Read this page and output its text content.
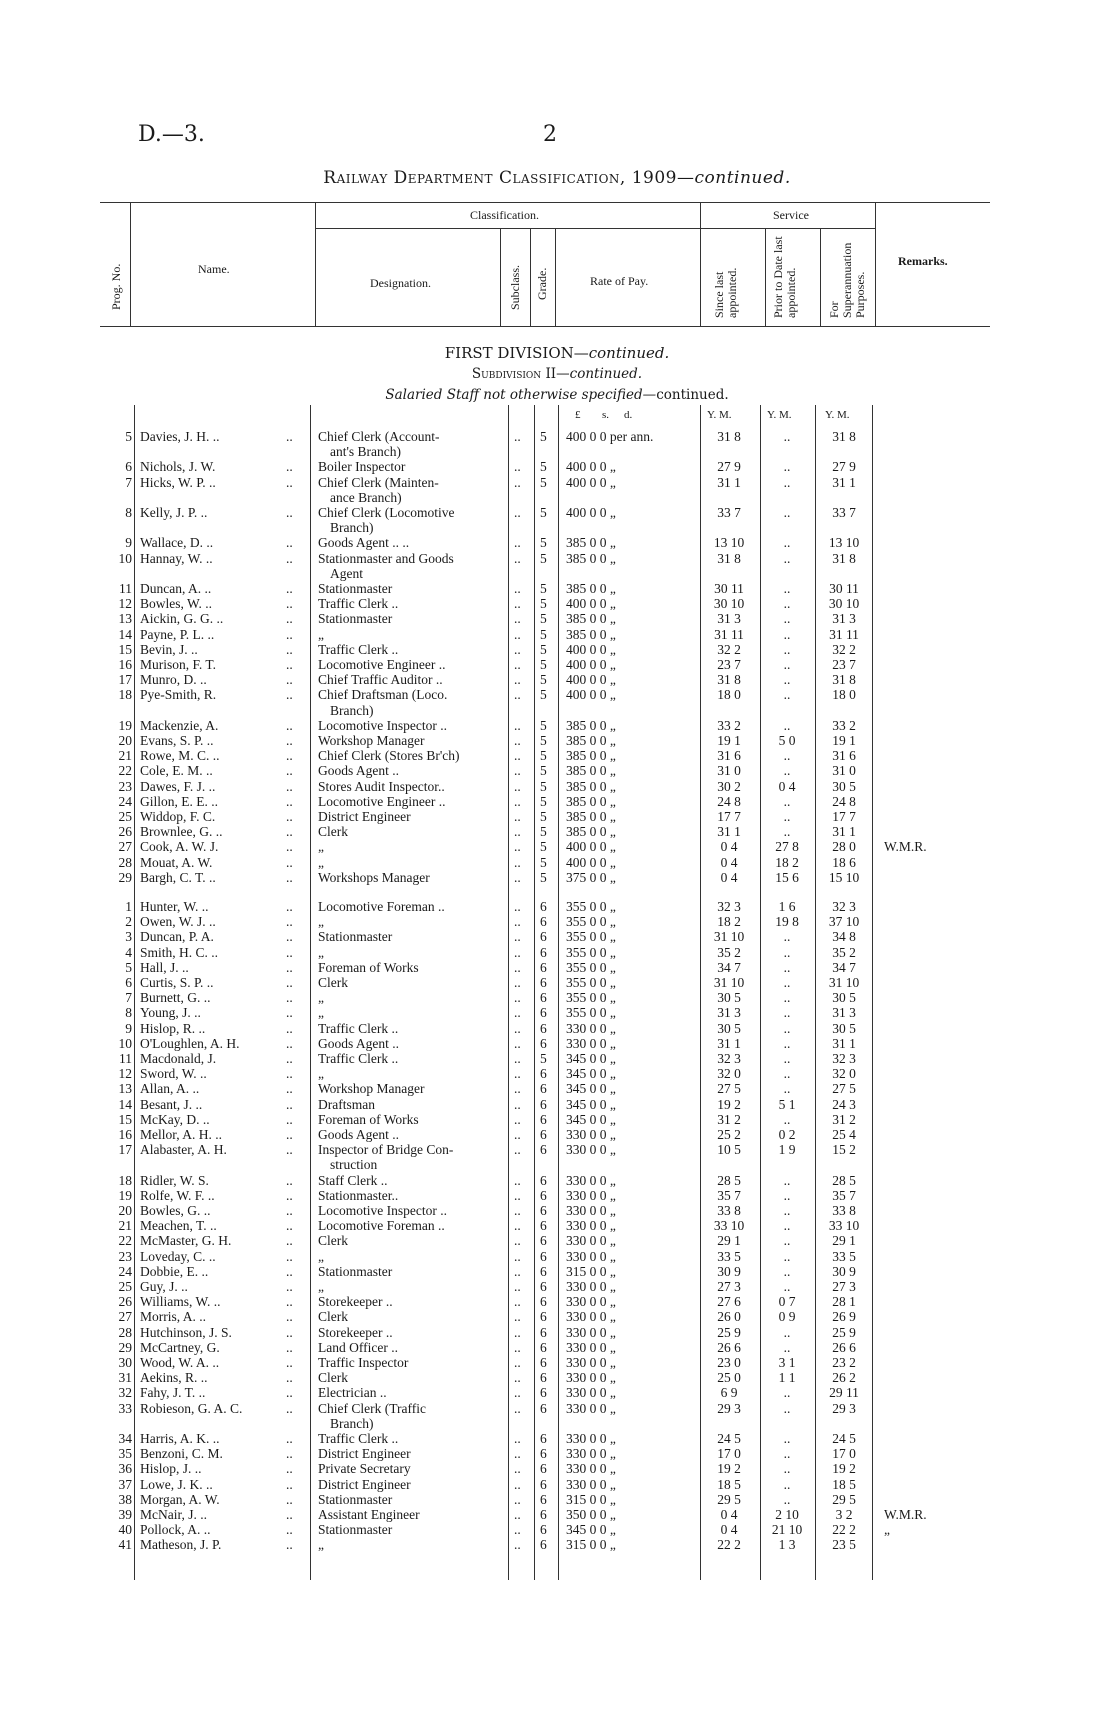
D.—3.	2
Railway Department Classification, 1909—continued.
Prog. No.	Name.
Classification.
Designation.	Subclass. Grade.	Rate of Pay.
Service
Since last appointed.	Prior to Date last appointed. For Superannuation Purposes.
Remarks.
FIRST DIVISION—continued.
Subdivision II—continued.
Salaried Staff not otherwise specified—continued.
£ s. d.	Y. M.	Y. M.	Y. M.
5 Davies, J. H. ..	.. Chief Clerk (Account-	.. 5 400 0 0 per ann.	31 8	..	31 8
ant's Branch)
6 Nichols, J. W.	.. Boiler Inspector	.. 5 400 0 0 „	27 9	..	27 9
7 Hicks, W. P. ..	.. Chief Clerk (Mainten-	.. 5 400 0 0 „	31 1	..	31 1
ance Branch)
8 Kelly, J. P. ..	.. Chief Clerk (Locomotive	.. 5 400 0 0 „	33 7	..	33 7
Branch)
9 Wallace, D. ..	.. Goods Agent .. ..	.. 5 385 0 0 „	13 10	..	13 10
10 Hannay, W. ..	.. Stationmaster and Goods	.. 5 385 0 0 „	31 8	..	31 8
Agent
11 Duncan, A. ..	.. Stationmaster	.. 5 385 0 0 „	30 11	..	30 11
12 Bowles, W. ..	.. Traffic Clerk ..	.. 5 400 0 0 „	30 10	..	30 10
13 Aickin, G. G. ..	.. Stationmaster	.. 5 385 0 0 „	31 3	..	31 3
14 Payne, P. L. ..	.. „	.. 5 385 0 0 „	31 11	..	31 11
15 Bevin, J. ..	.. Traffic Clerk ..	.. 5 400 0 0 „	32 2	..	32 2
16 Murison, F. T.	.. Locomotive Engineer ..	.. 5 400 0 0 „	23 7	..	23 7
17 Munro, D. ..	.. Chief Traffic Auditor ..	.. 5 400 0 0 „	31 8	..	31 8
18 Pye-Smith, R.	.. Chief Draftsman (Loco.	.. 5 400 0 0 „	18 0	..	18 0
Branch)
19 Mackenzie, A.	.. Locomotive Inspector ..	.. 5 385 0 0 „	33 2	..	33 2
20 Evans, S. P. ..	.. Workshop Manager	.. 5 385 0 0 „	19 1	5 0	19 1
21 Rowe, M. C. ..	.. Chief Clerk (Stores Br'ch)	.. 5 385 0 0 „	31 6	..	31 6
22 Cole, E. M. ..	.. Goods Agent ..	.. 5 385 0 0 „	31 0	..	31 0
23 Dawes, F. J. ..	.. Stores Audit Inspector..	.. 5 385 0 0 „	30 2	0 4	30 5
24 Gillon, E. E. ..	.. Locomotive Engineer ..	.. 5 385 0 0 „	24 8	..	24 8
25 Widdop, F. C.	.. District Engineer	.. 5 385 0 0 „	17 7	..	17 7
26 Brownlee, G. ..	.. Clerk	.. 5 385 0 0 „	31 1	..	31 1
27 Cook, A. W. J.	.. „	.. 5 400 0 0 „	0 4	27 8	28 0	W.M.R.
28 Mouat, A. W.	.. „	.. 5 400 0 0 „	0 4	18 2	18 6
29 Bargh, C. T. ..	.. Workshops Manager	.. 5 375 0 0 „	0 4	15 6	15 10
1 Hunter, W. ..	.. Locomotive Foreman ..	.. 6 355 0 0 „	32 3	1 6	32 3
2 Owen, W. J. ..	.. „	.. 6 355 0 0 „	18 2	19 8	37 10
3 Duncan, P. A.	.. Stationmaster	.. 6 355 0 0 „	31 10	..	34 8
4 Smith, H. C. ..	.. „	.. 6 355 0 0 „	35 2	..	35 2
5 Hall, J. ..	.. Foreman of Works	.. 6 355 0 0 „	34 7	..	34 7
6 Curtis, S. P. ..	.. Clerk	.. 6 355 0 0 „	31 10	..	31 10
7 Burnett, G. ..	.. „	.. 6 355 0 0 „	30 5	..	30 5
8 Young, J. ..	.. „	.. 6 355 0 0 „	31 3	..	31 3
9 Hislop, R. ..	.. Traffic Clerk ..	.. 6 330 0 0 „	30 5	..	30 5
10 O'Loughlen, A. H.	.. Goods Agent ..	.. 6 330 0 0 „	31 1	..	31 1
11 Macdonald, J.	.. Traffic Clerk ..	.. 5 345 0 0 „	32 3	..	32 3
12 Sword, W. ..	.. „	.. 6 345 0 0 „	32 0	..	32 0
13 Allan, A. ..	.. Workshop Manager	.. 6 345 0 0 „	27 5	..	27 5
14 Besant, J. ..	.. Draftsman	.. 6 345 0 0 „	19 2	5 1	24 3
15 McKay, D. ..	.. Foreman of Works	.. 6 345 0 0 „	31 2	..	31 2
16 Mellor, A. H. ..	.. Goods Agent ..	.. 6 330 0 0 „	25 2	0 2	25 4
17 Alabaster, A. H.	.. Inspector of Bridge Con-	.. 6 330 0 0 „	10 5	1 9	15 2
struction
18 Ridler, W. S.	.. Staff Clerk ..	.. 6 330 0 0 „	28 5	..	28 5
19 Rolfe, W. F. ..	.. Stationmaster..	.. 6 330 0 0 „	35 7	..	35 7
20 Bowles, G. ..	.. Locomotive Inspector ..	.. 6 330 0 0 „	33 8	..	33 8
21 Meachen, T. ..	.. Locomotive Foreman ..	.. 6 330 0 0 „	33 10	..	33 10
22 McMaster, G. H.	.. Clerk	.. 6 330 0 0 „	29 1	..	29 1
23 Loveday, C. ..	.. „	.. 6 330 0 0 „	33 5	..	33 5
24 Dobbie, E. ..	.. Stationmaster	.. 6 315 0 0 „	30 9	..	30 9
25 Guy, J. ..	.. „	.. 6 330 0 0 „	27 3	..	27 3
26 Williams, W. ..	.. Storekeeper ..	.. 6 330 0 0 „	27 6	0 7	28 1
27 Morris, A. ..	.. Clerk	.. 6 330 0 0 „	26 0	0 9	26 9
28 Hutchinson, J. S.	.. Storekeeper ..	.. 6 330 0 0 „	25 9	..	25 9
29 McCartney, G.	.. Land Officer ..	.. 6 330 0 0 „	26 6	..	26 6
30 Wood, W. A. ..	.. Traffic Inspector	.. 6 330 0 0 „	23 0	3 1	23 2
31 Aekins, R. ..	.. Clerk	.. 6 330 0 0 „	25 0	1 1	26 2
32 Fahy, J. T. ..	.. Electrician ..	.. 6 330 0 0 „	6 9	..	29 11
33 Robieson, G. A. C.	.. Chief Clerk (Traffic	.. 6 330 0 0 „	29 3	..	29 3
Branch)
34 Harris, A. K. ..	.. Traffic Clerk ..	.. 6 330 0 0 „	24 5	..	24 5
35 Benzoni, C. M.	.. District Engineer	.. 6 330 0 0 „	17 0	..	17 0
36 Hislop, J. ..	.. Private Secretary	.. 6 330 0 0 „	19 2	..	19 2
37 Lowe, J. K. ..	.. District Engineer	.. 6 330 0 0 „	18 5	..	18 5
38 Morgan, A. W.	.. Stationmaster	.. 6 315 0 0 „	29 5	..	29 5
39 McNair, J. ..	.. Assistant Engineer	.. 6 350 0 0 „	0 4	2 10	3 2	W.M.R.
40 Pollock, A. ..	.. Stationmaster	.. 6 345 0 0 „	0 4	21 10	22 2	„
41 Matheson, J. P.	.. „	.. 6 315 0 0 „	22 2	1 3	23 5
